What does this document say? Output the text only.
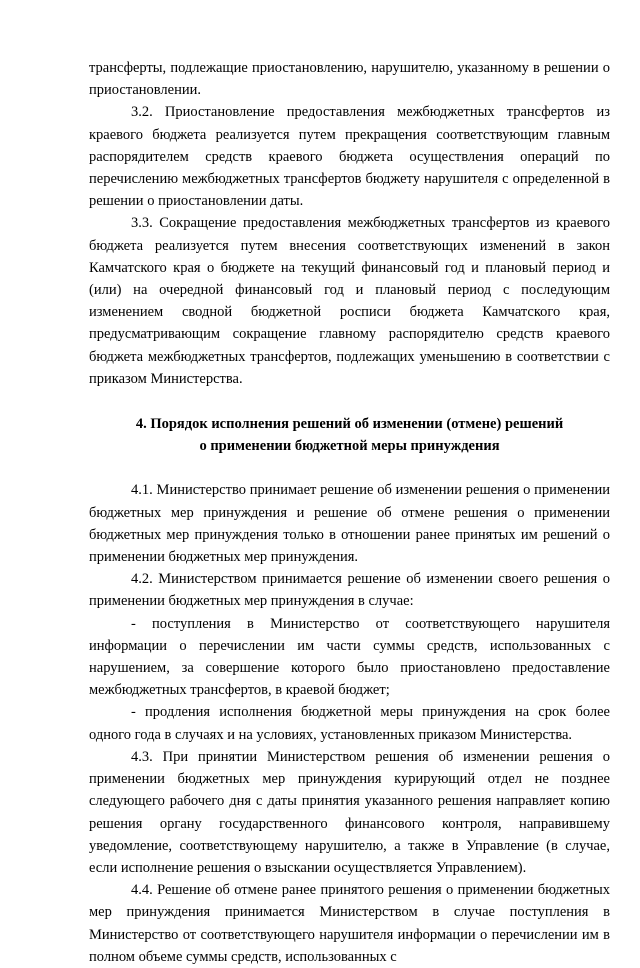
трансферты, подлежащие приостановлению, нарушителю, указанному в решении о приостановлении.

3.2. Приостановление предоставления межбюджетных трансфертов из краевого бюджета реализуется путем прекращения соответствующим главным распорядителем средств краевого бюджета осуществления операций по перечислению межбюджетных трансфертов бюджету нарушителя с определенной в решении о приостановлении даты.

3.3. Сокращение предоставления межбюджетных трансфертов из краевого бюджета реализуется путем внесения соответствующих изменений в закон Камчатского края о бюджете на текущий финансовый год и плановый период и (или) на очередной финансовый год и плановый период с последующим изменением сводной бюджетной росписи бюджета Камчатского края, предусматривающим сокращение главному распорядителю средств краевого бюджета межбюджетных трансфертов, подлежащих уменьшению в соответствии с приказом Министерства.

4. Порядок исполнения решений об изменении (отмене) решений
о применении бюджетной меры принуждения

4.1. Министерство принимает решение об изменении решения о применении бюджетных мер принуждения и решение об отмене решения о применении бюджетных мер принуждения только в отношении ранее принятых им решений о применении бюджетных мер принуждения.

4.2. Министерством принимается решение об изменении своего решения о применении бюджетных мер принуждения в случае:

- поступления в Министерство от соответствующего нарушителя информации о перечислении им части суммы средств, использованных с нарушением, за совершение которого было приостановлено предоставление межбюджетных трансфертов, в краевой бюджет;

- продления исполнения бюджетной меры принуждения на срок более одного года в случаях и на условиях, установленных приказом Министерства.

4.3. При принятии Министерством решения об изменении решения о применении бюджетных мер принуждения курирующий отдел не позднее следующего рабочего дня с даты принятия указанного решения направляет копию решения органу государственного финансового контроля, направившему уведомление, соответствующему нарушителю, а также в Управление (в случае, если исполнение решения о взыскании осуществляется Управлением).

4.4. Решение об отмене ранее принятого решения о применении бюджетных мер принуждения принимается Министерством в случае поступления в Министерство от соответствующего нарушителя информации о перечислении им в полном объеме суммы средств, использованных с
